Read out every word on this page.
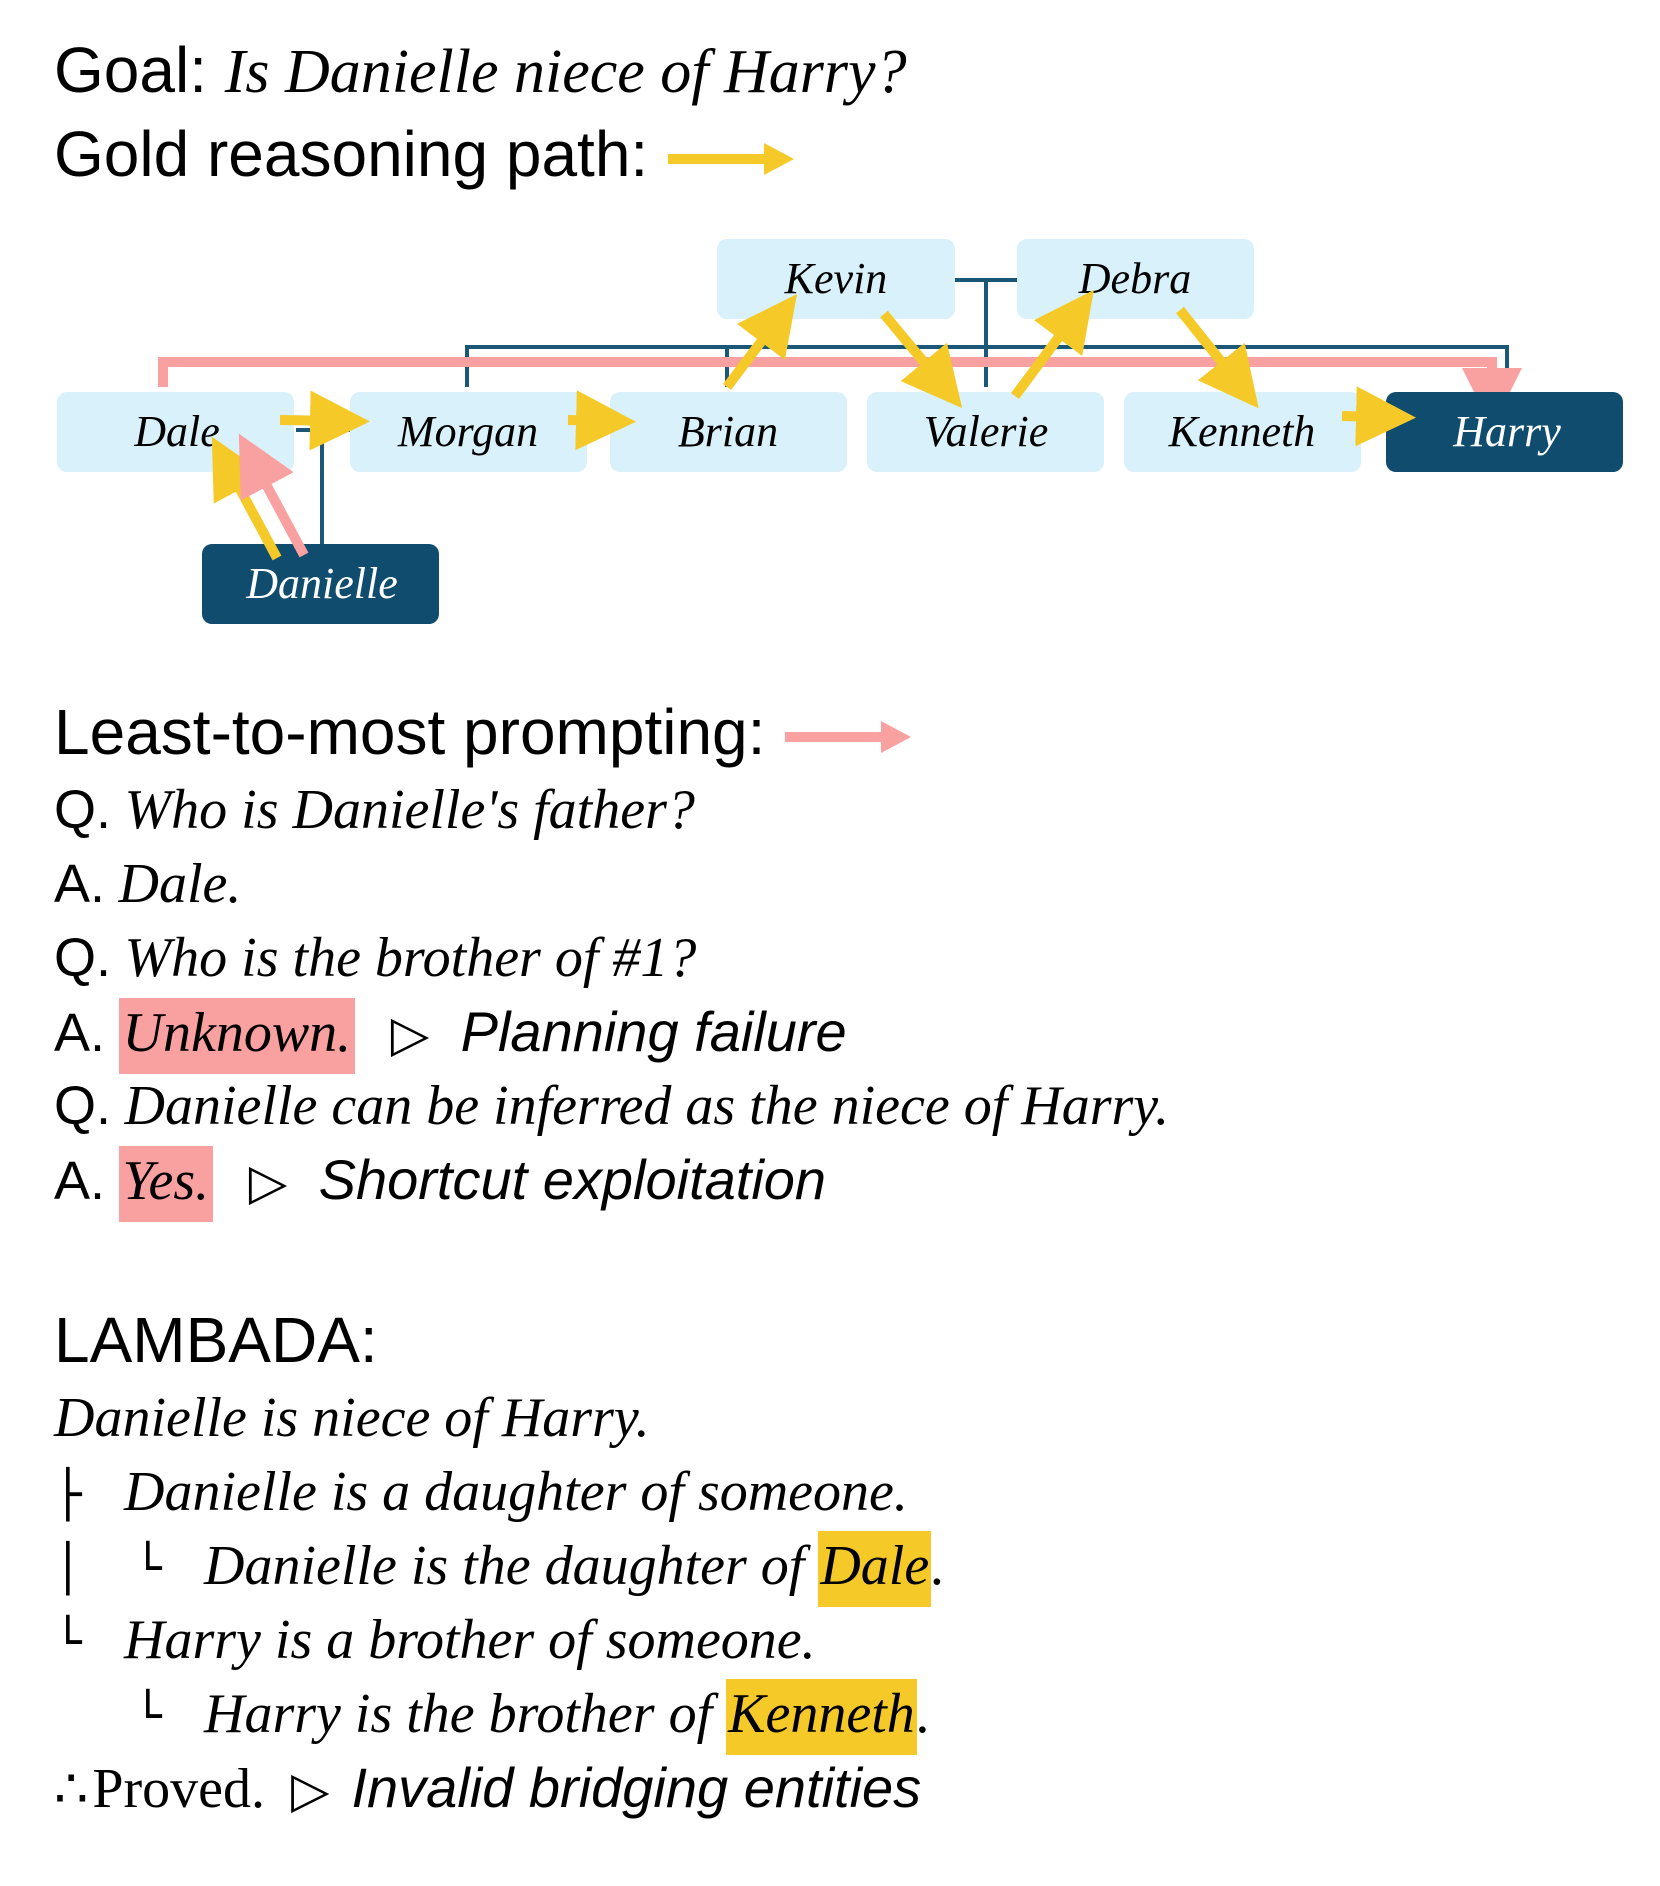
Goal: Is Danielle niece of Harry?
Gold reasoning path:
Kevin	Debra
Dale	Morgan	Brian	Valerie	Kenneth	Harry
Danielle
Least-to-most prompting:
Q. Who is Danielle's father?
A. Dale.
Q. Who is the brother of #1?
A. Unknown. ▷ Planning failure
Q. Danielle can be inferred as the niece of Harry.
A. Yes. ▷ Shortcut exploitation
LAMBADA:
Danielle is niece of Harry.
├ Danielle is a daughter of someone.
│ └ Danielle is the daughter of Dale.
└ Harry is a brother of someone.
└ Harry is the brother of Kenneth.
∴ Proved. ▷ Invalid bridging entities
